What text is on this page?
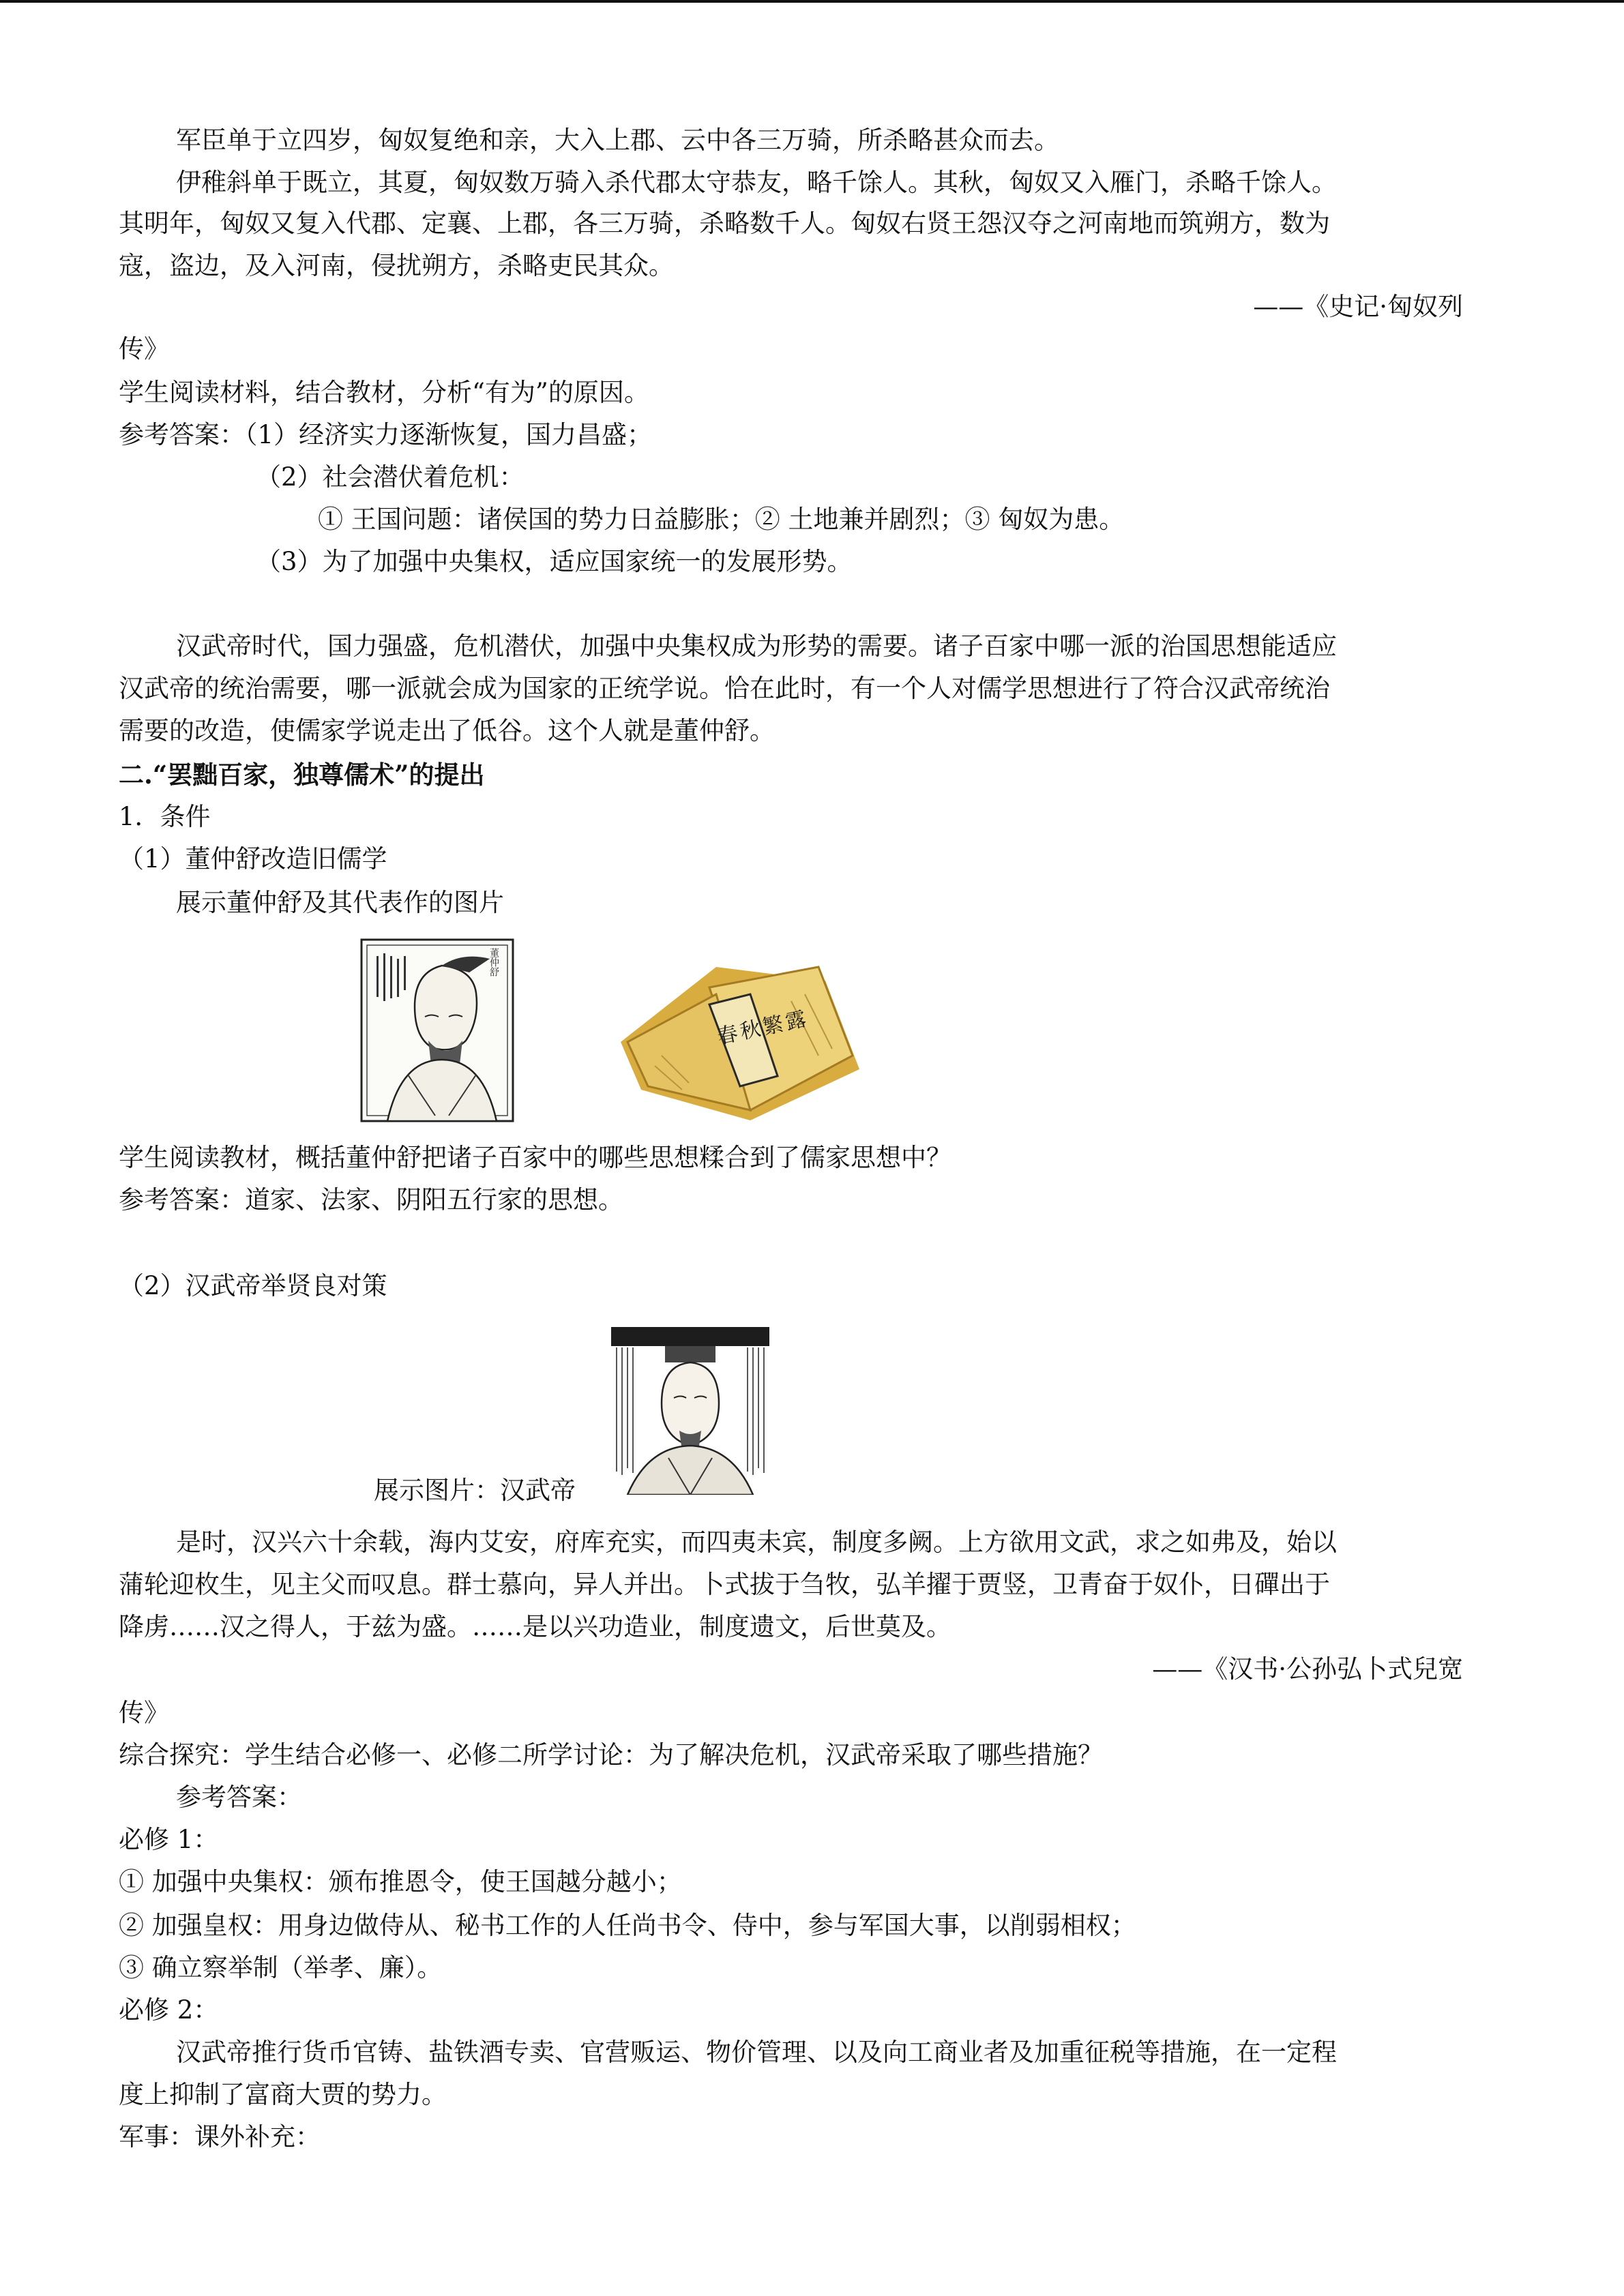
军臣单于立四岁，匈奴复绝和亲，大入上郡、云中各三万骑，所杀略甚众而去。
伊稚斜单于既立，其夏，匈奴数万骑入杀代郡太守恭友，略千馀人。其秋，匈奴又入雁门，杀略千馀人。
其明年，匈奴又复入代郡、定襄、上郡，各三万骑，杀略数千人。匈奴右贤王怨汉夺之河南地而筑朔方，数为
寇，盗边，及入河南，侵扰朔方，杀略吏民其众。
——《史记·匈奴列
传》
学生阅读材料，结合教材，分析“有为”的原因。
参考答案：（1）经济实力逐渐恢复，国力昌盛；
（2）社会潜伏着危机：
① 王国问题：诸侯国的势力日益膨胀；② 土地兼并剧烈；③ 匈奴为患。
（3）为了加强中央集权，适应国家统一的发展形势。
汉武帝时代，国力强盛，危机潜伏，加强中央集权成为形势的需要。诸子百家中哪一派的治国思想能适应
汉武帝的统治需要，哪一派就会成为国家的正统学说。恰在此时，有一个人对儒学思想进行了符合汉武帝统治
需要的改造，使儒家学说走出了低谷。这个人就是董仲舒。
二.“罢黜百家，独尊儒术”的提出
1．条件
（1）董仲舒改造旧儒学
展示董仲舒及其代表作的图片
董仲舒
春秋繁露
学生阅读教材，概括董仲舒把诸子百家中的哪些思想糅合到了儒家思想中？
参考答案：道家、法家、阴阳五行家的思想。
（2）汉武帝举贤良对策
展示图片：汉武帝
是时，汉兴六十余载，海内艾安，府库充实，而四夷未宾，制度多阙。上方欲用文武，求之如弗及，始以
蒲轮迎枚生，见主父而叹息。群士慕向，异人并出。卜式拔于刍牧，弘羊擢于贾竖，卫青奋于奴仆，日磾出于
降虏……汉之得人，于兹为盛。……是以兴功造业，制度遗文，后世莫及。
——《汉书·公孙弘卜式兒宽
传》
综合探究：学生结合必修一、必修二所学讨论：为了解决危机，汉武帝采取了哪些措施？
参考答案：
必修 1：
① 加强中央集权：颁布推恩令，使王国越分越小；
② 加强皇权：用身边做侍从、秘书工作的人任尚书令、侍中，参与军国大事，以削弱相权；
③ 确立察举制（举孝、廉）。
必修 2：
汉武帝推行货币官铸、盐铁酒专卖、官营贩运、物价管理、以及向工商业者及加重征税等措施，在一定程
度上抑制了富商大贾的势力。
军事：课外补充：
